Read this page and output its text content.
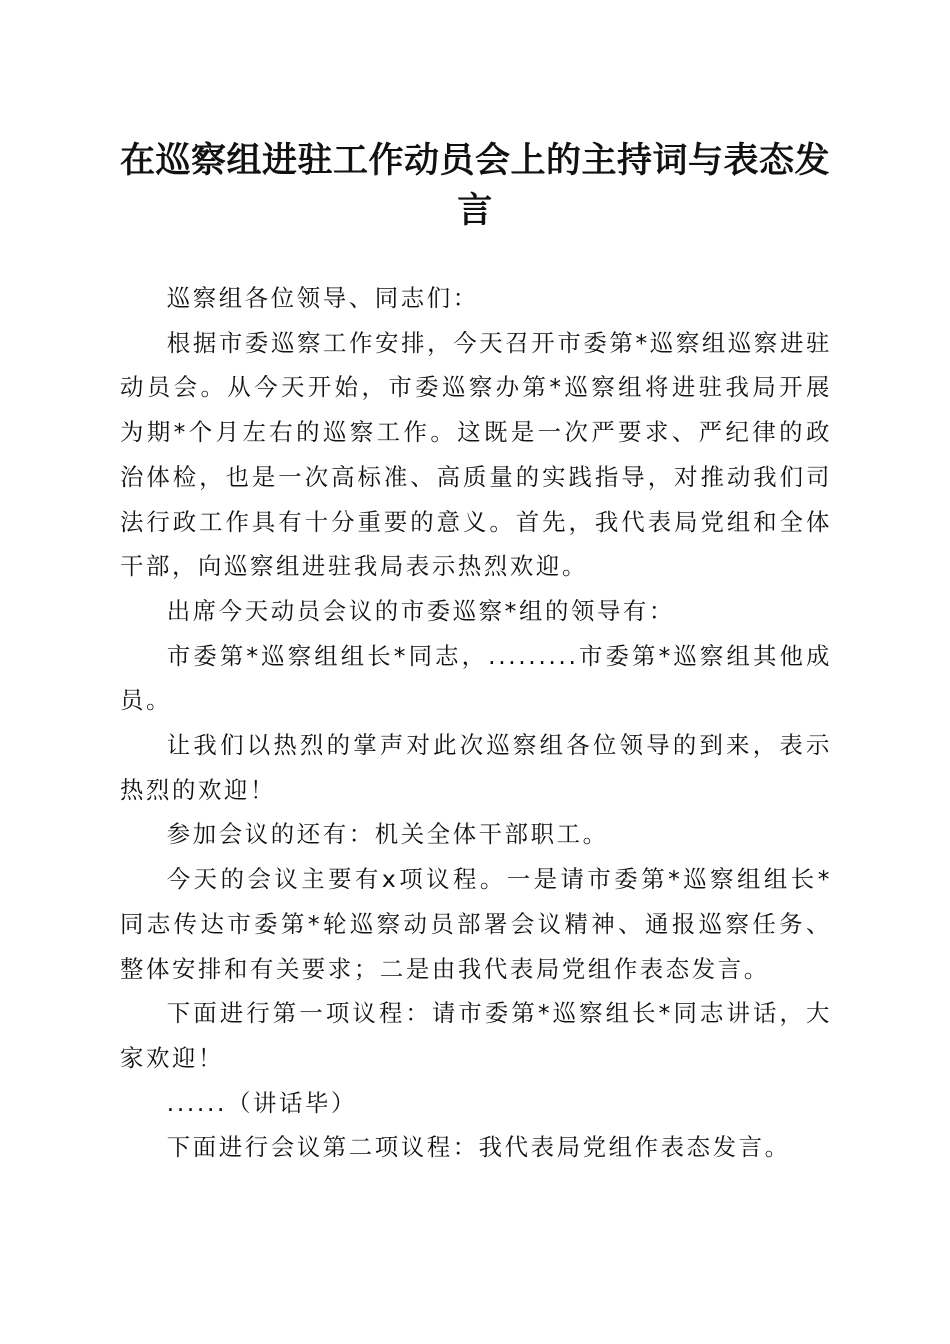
在巡察组进驻工作动员会上的主持词与表态发言

巡察组各位领导、同志们：

根据市委巡察工作安排，今天召开市委第*巡察组巡察进驻动员会。从今天开始，市委巡察办第*巡察组将进驻我局开展为期*个月左右的巡察工作。这既是一次严要求、严纪律的政治体检，也是一次高标准、高质量的实践指导，对推动我们司法行政工作具有十分重要的意义。首先，我代表局党组和全体干部，向巡察组进驻我局表示热烈欢迎。

出席今天动员会议的市委巡察*组的领导有：

市委第*巡察组组长*同志，.........市委第*巡察组其他成员。

让我们以热烈的掌声对此次巡察组各位领导的到来，表示热烈的欢迎！

参加会议的还有：机关全体干部职工。

今天的会议主要有x项议程。一是请市委第*巡察组组长*同志传达市委第*轮巡察动员部署会议精神、通报巡察任务、整体安排和有关要求；二是由我代表局党组作表态发言。

下面进行第一项议程：请市委第*巡察组长*同志讲话，大家欢迎！

......（讲话毕）

下面进行会议第二项议程：我代表局党组作表态发言。
